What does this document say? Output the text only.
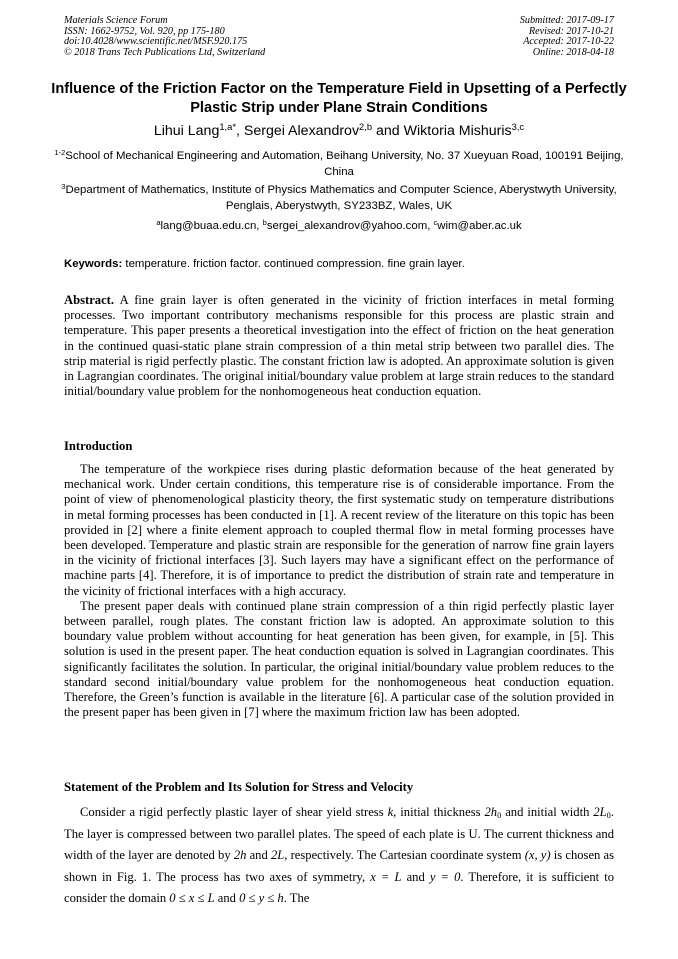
Materials Science Forum
ISSN: 1662-9752, Vol. 920, pp 175-180
doi:10.4028/www.scientific.net/MSF.920.175
© 2018 Trans Tech Publications Ltd, Switzerland
Submitted: 2017-09-17
Revised: 2017-10-21
Accepted: 2017-10-22
Online: 2018-04-18
Influence of the Friction Factor on the Temperature Field in Upsetting of a Perfectly Plastic Strip under Plane Strain Conditions
Lihui Lang$^{1,a*}$, Sergei Alexandrov$^{2,b}$ and Wiktoria Mishuris$^{3,c}$
$^{1-2}$School of Mechanical Engineering and Automation, Beihang University, No. 37 Xueyuan Road, 100191 Beijing, China
$^3$Department of Mathematics, Institute of Physics Mathematics and Computer Science, Aberystwyth University, Penglais, Aberystwyth, SY233BZ, Wales, UK
$^a$lang@buaa.edu.cn, $^b$sergei_alexandrov@yahoo.com, $^c$wim@aber.ac.uk
Keywords: temperature. friction factor. continued compression. fine grain layer.
Abstract. A fine grain layer is often generated in the vicinity of friction interfaces in metal forming processes. Two important contributory mechanisms responsible for this process are plastic strain and temperature. This paper presents a theoretical investigation into the effect of friction on the heat generation in the continued quasi-static plane strain compression of a thin metal strip between two parallel dies. The strip material is rigid perfectly plastic. The constant friction law is adopted. An approximate solution is given in Lagrangian coordinates. The original initial/boundary value problem at large strain reduces to the standard initial/boundary value problem for the nonhomogeneous heat conduction equation.
Introduction

The temperature of the workpiece rises during plastic deformation because of the heat generated by mechanical work. Under certain conditions, this temperature rise is of considerable importance. From the point of view of phenomenological plasticity theory, the first systematic study on temperature distributions in metal forming processes has been conducted in [1]. A recent review of the literature on this topic has been provided in [2] where a finite element approach to coupled thermal flow in metal forming processes have been developed. Temperature and plastic strain are responsible for the generation of narrow fine grain layers in the vicinity of frictional interfaces [3]. Such layers may have a significant effect on the performance of machine parts [4]. Therefore, it is of importance to predict the distribution of strain rate and temperature in the vicinity of frictional interfaces with a high accuracy.

The present paper deals with continued plane strain compression of a thin rigid perfectly plastic layer between parallel, rough plates. The constant friction law is adopted. An approximate solution to this boundary value problem without accounting for heat generation has been given, for example, in [5]. This solution is used in the present paper. The heat conduction equation is solved in Lagrangian coordinates. This significantly facilitates the solution. In particular, the original initial/boundary value problem reduces to the standard second initial/boundary value problem for the nonhomogeneous heat conduction equation. Therefore, the Green’s function is available in the literature [6]. A particular case of the solution provided in the present paper has been given in [7] where the maximum friction law has been adopted.

Statement of the Problem and Its Solution for Stress and Velocity

Consider a rigid perfectly plastic layer of shear yield stress k, initial thickness $2h_0$ and initial width $2L_0$. The layer is compressed between two parallel plates. The speed of each plate is U. The current thickness and width of the layer are denoted by 2h and 2L, respectively. The Cartesian coordinate system (x, y) is chosen as shown in Fig. 1. The process has two axes of symmetry, x = L and y = 0. Therefore, it is sufficient to consider the domain 0 ≤ x ≤ L and 0 ≤ y ≤ h. The
